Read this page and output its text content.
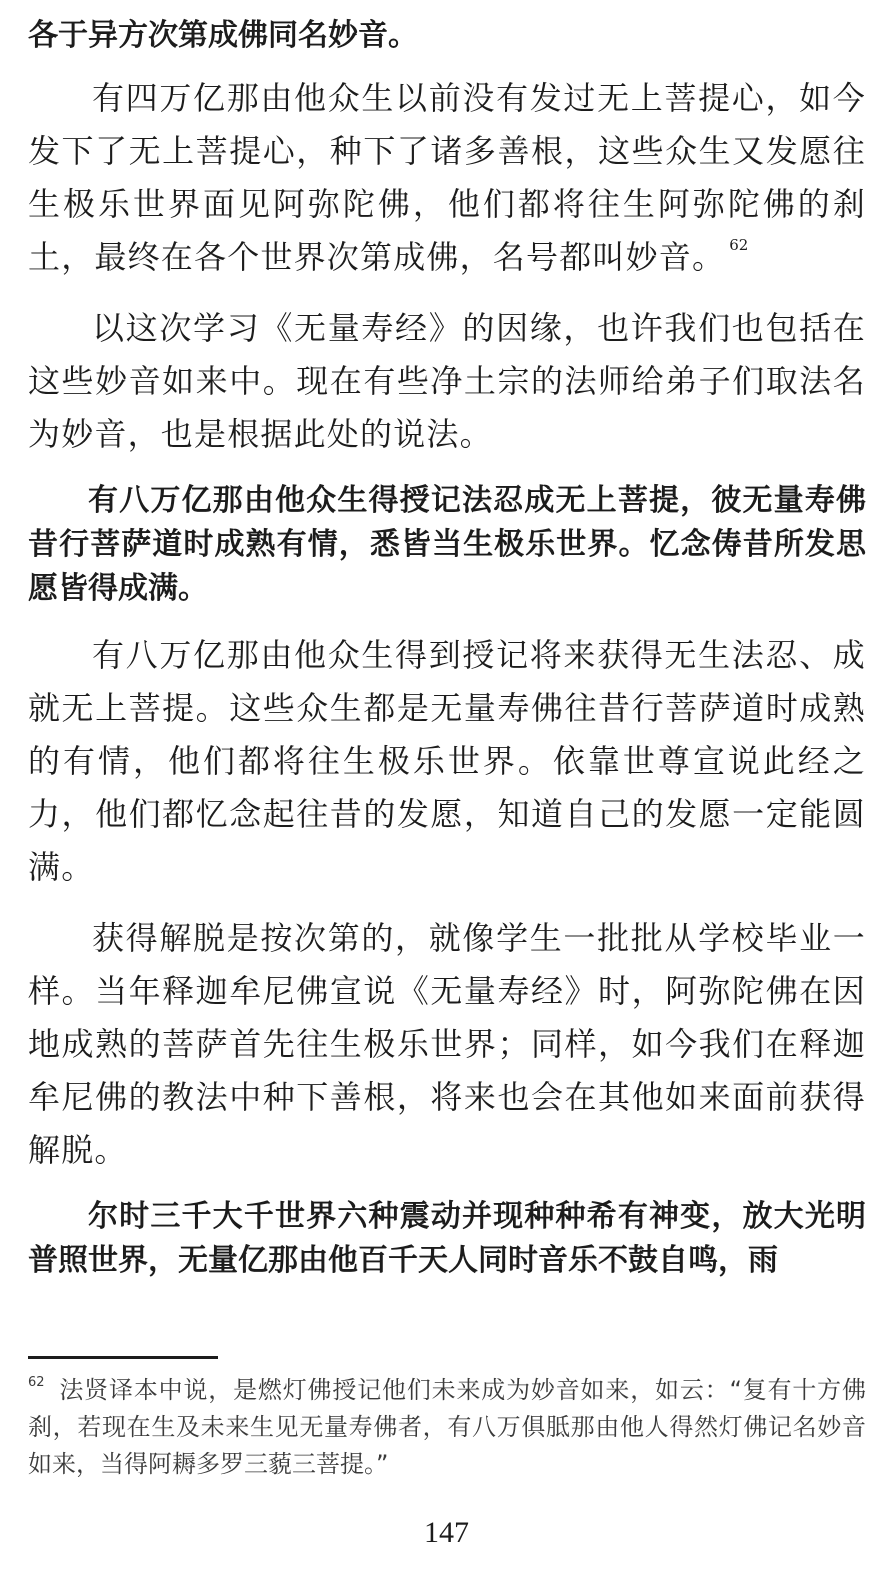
各于异方次第成佛同名妙音。

有四万亿那由他众生以前没有发过无上菩提心，如今发下了无上菩提心，种下了诸多善根，这些众生又发愿往生极乐世界面见阿弥陀佛，他们都将往生阿弥陀佛的刹土，最终在各个世界次第成佛，名号都叫妙音。 $^{62}$

以这次学习《无量寿经》的因缘，也许我们也包括在这些妙音如来中。现在有些净土宗的法师给弟子们取法名为妙音，也是根据此处的说法。

有八万亿那由他众生得授记法忍成无上菩提，彼无量寿佛昔行菩萨道时成熟有情，悉皆当生极乐世界。忆念俦昔所发思愿皆得成满。

有八万亿那由他众生得到授记将来获得无生法忍、成就无上菩提。这些众生都是无量寿佛往昔行菩萨道时成熟的有情，他们都将往生极乐世界。依靠世尊宣说此经之力，他们都忆念起往昔的发愿，知道自己的发愿一定能圆满。

获得解脱是按次第的，就像学生一批批从学校毕业一样。当年释迦牟尼佛宣说《无量寿经》时，阿弥陀佛在因地成熟的菩萨首先往生极乐世界；同样，如今我们在释迦牟尼佛的教法中种下善根，将来也会在其他如来面前获得解脱。

尔时三千大千世界六种震动并现种种希有神变，放大光明普照世界，无量亿那由他百千天人同时音乐不鼓自鸣，雨

$^{62}$ 法贤译本中说，是燃灯佛授记他们未来成为妙音如来，如云：“复有十方佛刹，若现在生及未来生见无量寿佛者，有八万俱胝那由他人得然灯佛记名妙音如来，当得阿耨多罗三藐三菩提。”

147
